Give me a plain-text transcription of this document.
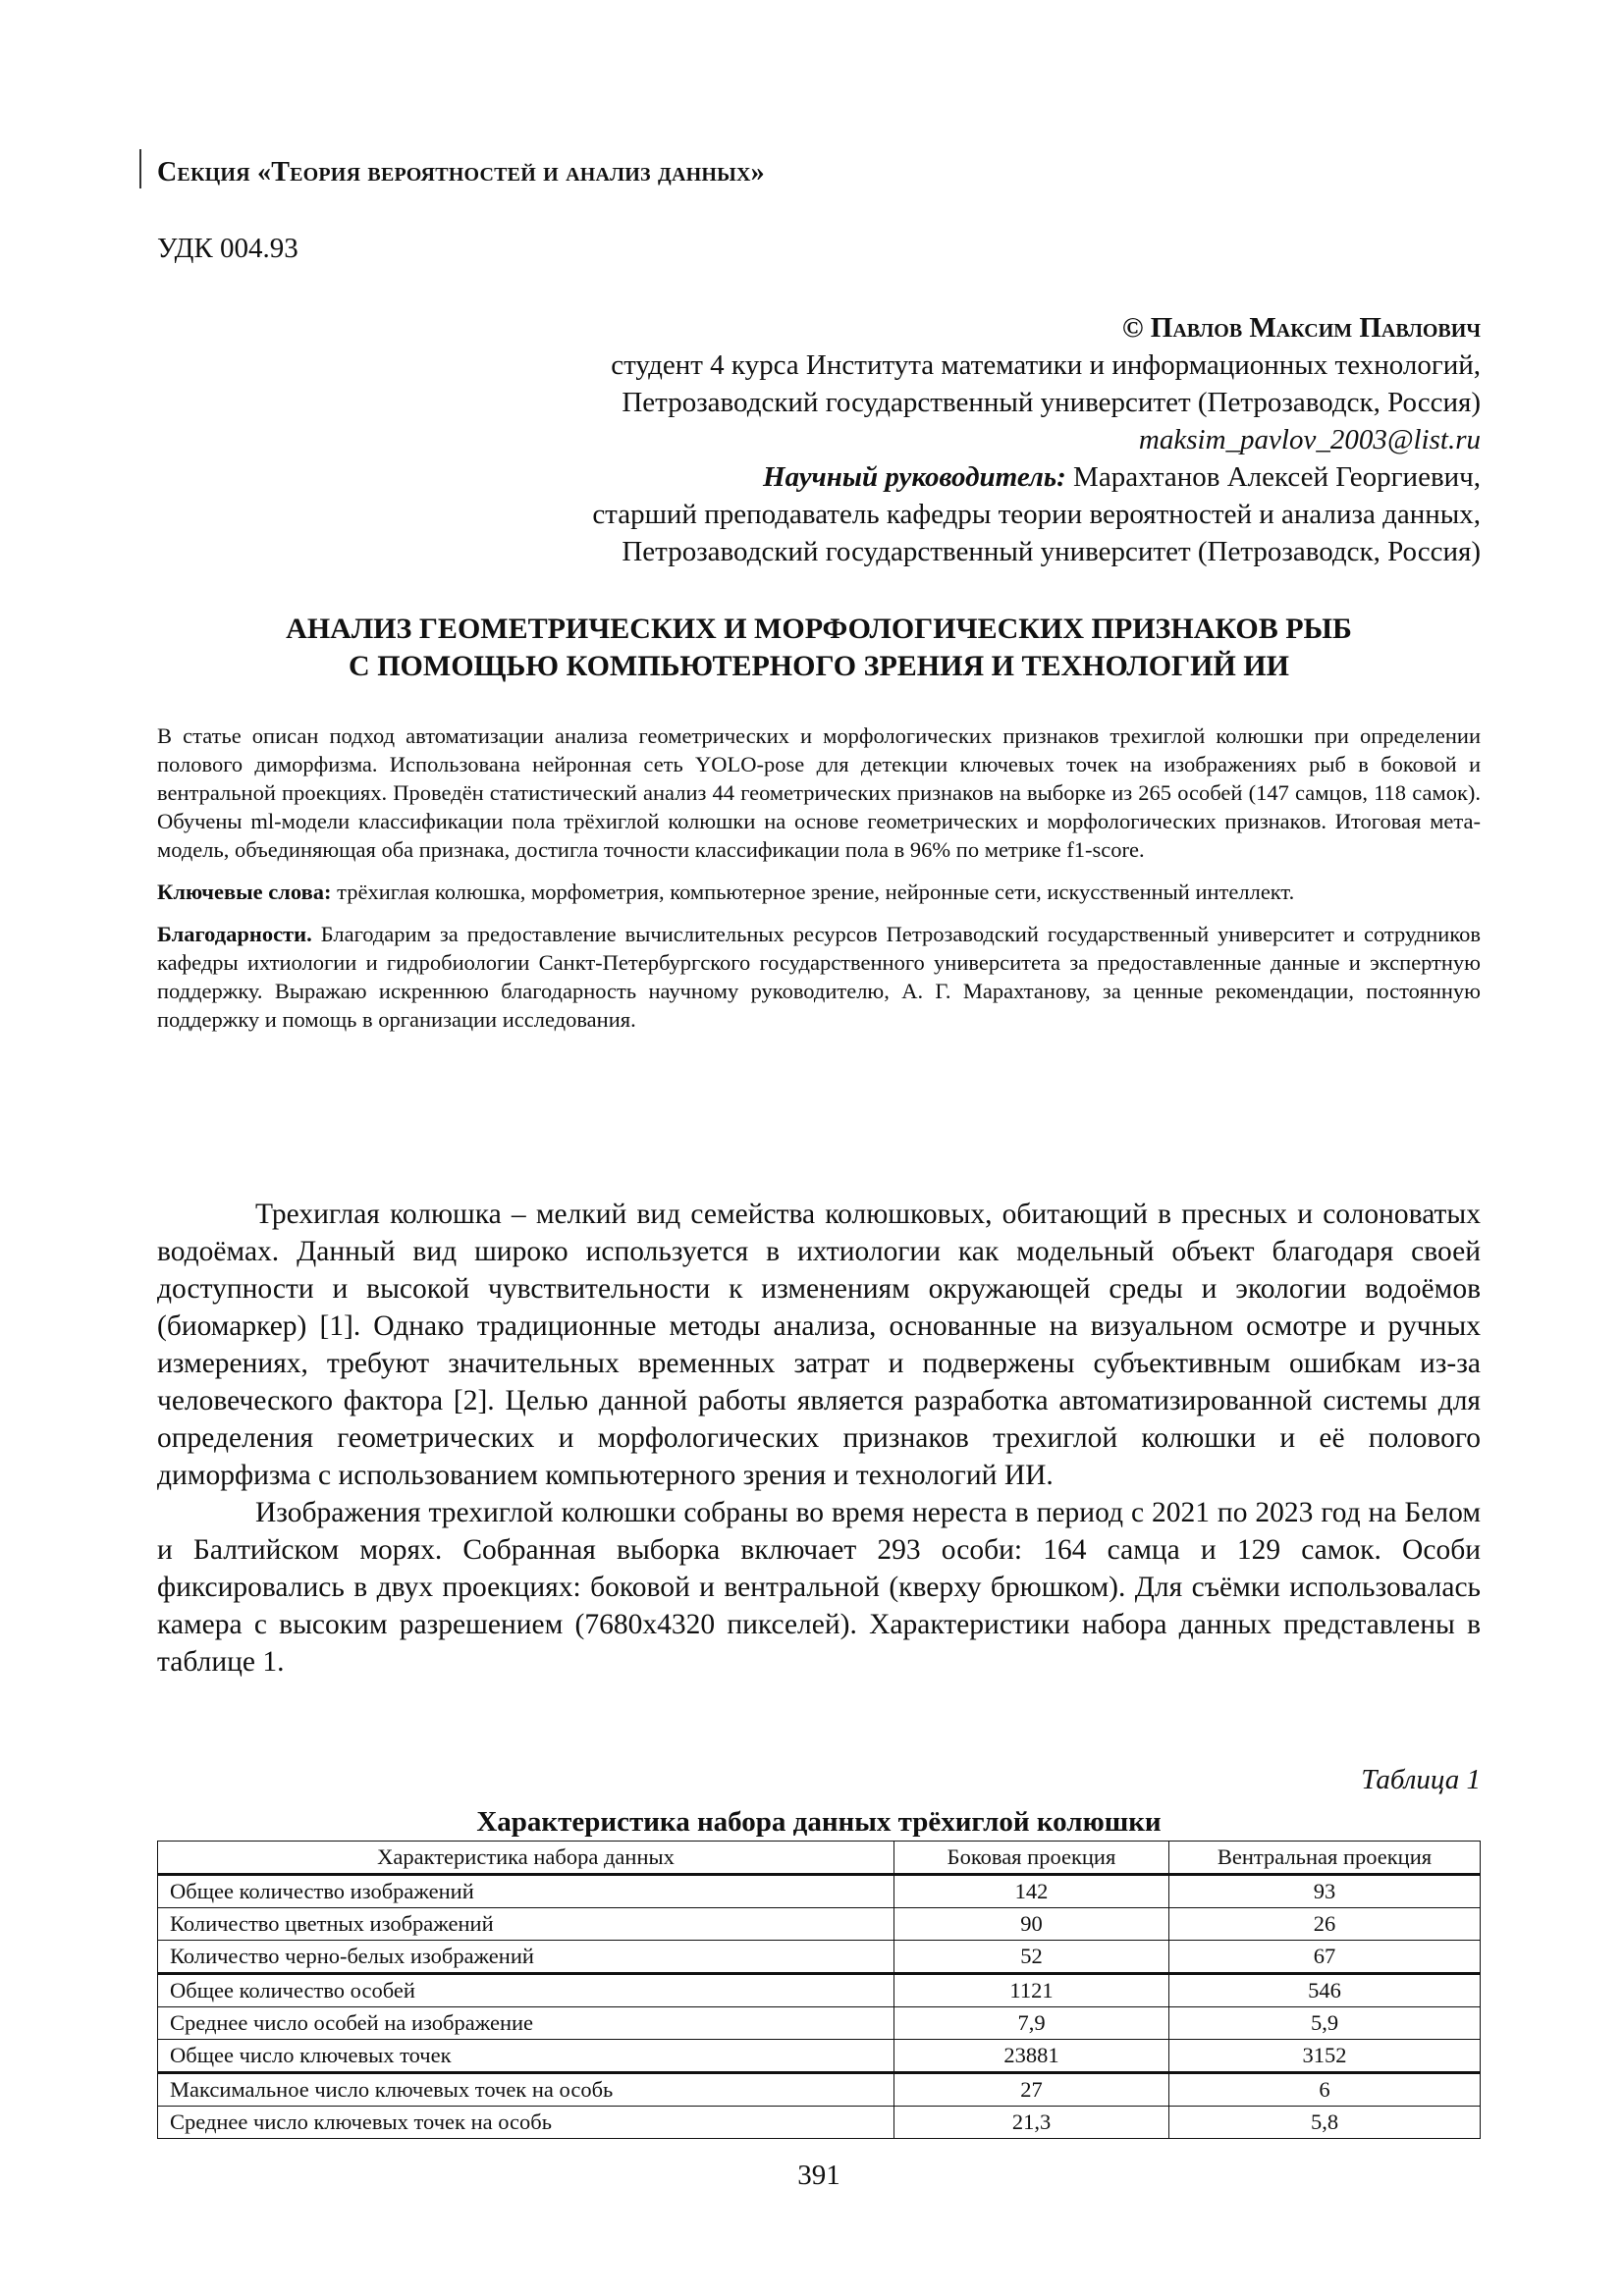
Секция «Теория вероятностей и анализ данных»
УДК 004.93
© Павлов Максим Павлович
студент 4 курса Института математики и информационных технологий,
Петрозаводский государственный университет (Петрозаводск, Россия)
maksim_pavlov_2003@list.ru
Научный руководитель: Марахтанов Алексей Георгиевич,
старший преподаватель кафедры теории вероятностей и анализа данных,
Петрозаводский государственный университет (Петрозаводск, Россия)
АНАЛИЗ ГЕОМЕТРИЧЕСКИХ И МОРФОЛОГИЧЕСКИХ ПРИЗНАКОВ РЫБ
С ПОМОЩЬЮ КОМПЬЮТЕРНОГО ЗРЕНИЯ И ТЕХНОЛОГИЙ ИИ

В статье описан подход автоматизации анализа геометрических и морфологических признаков трехиглой колюшки при определении полового диморфизма. Использована нейронная сеть YOLO-pose для детекции ключевых точек на изображениях рыб в боковой и вентральной проекциях. Проведён статистический анализ 44 геометрических признаков на выборке из 265 особей (147 самцов, 118 самок). Обучены ml-модели классификации пола трёхиглой колюшки на основе геометрических и морфологических признаков. Итоговая мета-модель, объединяющая оба признака, достигла точности классификации пола в 96% по метрике f1-score.

Ключевые слова: трёхиглая колюшка, морфометрия, компьютерное зрение, нейронные сети, искусственный интеллект.

Благодарности. Благодарим за предоставление вычислительных ресурсов Петрозаводский государственный университет и сотрудников кафедры ихтиологии и гидробиологии Санкт-Петербургского государственного университета за предоставленные данные и экспертную поддержку. Выражаю искреннюю благодарность научному руководителю, А. Г. Марахтанову, за ценные рекомендации, постоянную поддержку и помощь в организации исследования.

Трехиглая колюшка – мелкий вид семейства колюшковых, обитающий в пресных и солоноватых водоёмах. Данный вид широко используется в ихтиологии как модельный объект благодаря своей доступности и высокой чувствительности к изменениям окружающей среды и экологии водоёмов (биомаркер) [1]. Однако традиционные методы анализа, основанные на визуальном осмотре и ручных измерениях, требуют значительных временных затрат и подвержены субъективным ошибкам из-за человеческого фактора [2]. Целью данной работы является разработка автоматизированной системы для определения геометрических и морфологических признаков трехиглой колюшки и её полового диморфизма с использованием компьютерного зрения и технологий ИИ.

Изображения трехиглой колюшки собраны во время нереста в период с 2021 по 2023 год на Белом и Балтийском морях. Собранная выборка включает 293 особи: 164 самца и 129 самок. Особи фиксировались в двух проекциях: боковой и вентральной (кверху брюшком). Для съёмки использовалась камера с высоким разрешением (7680x4320 пикселей). Характеристики набора данных представлены в таблице 1.

Таблица 1
Характеристика набора данных трёхиглой колюшки
Характеристика набора данных	Боковая проекция	Вентральная проекция
Общее количество изображений	142	93
Количество цветных изображений	90	26
Количество черно-белых изображений	52	67
Общее количество особей	1121	546
Среднее число особей на изображение	7,9	5,9
Общее число ключевых точек	23881	3152
Максимальное число ключевых точек на особь	27	6
Среднее число ключевых точек на особь	21,3	5,8
391
